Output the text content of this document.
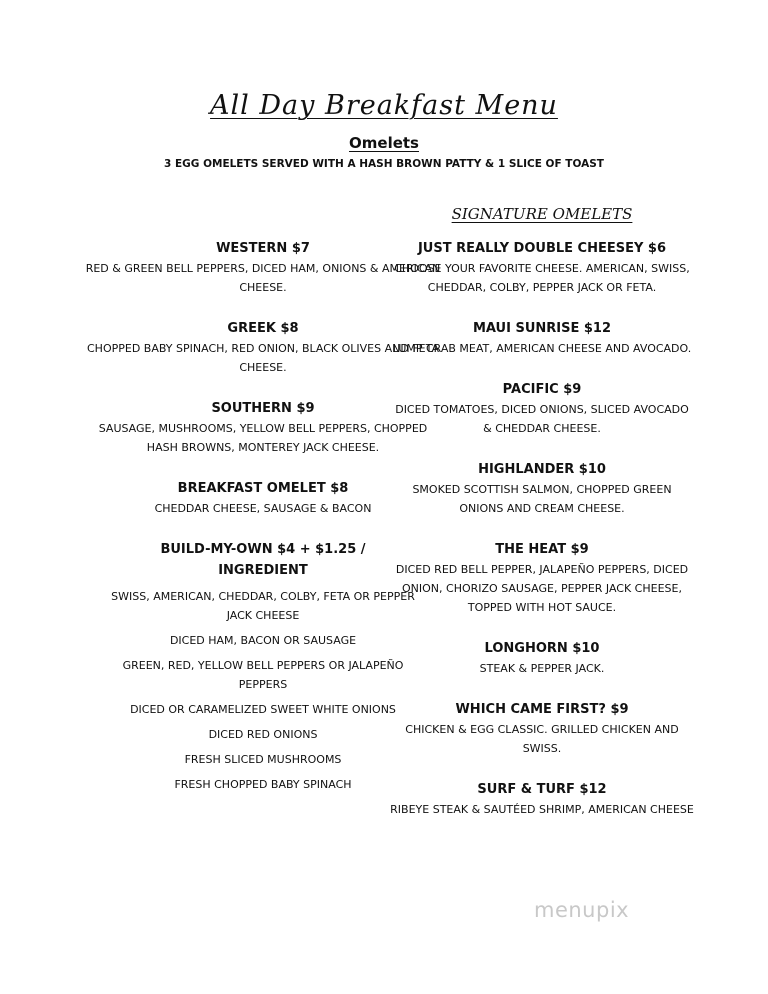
All Day Breakfast Menu
Omelets
3 EGG OMELETS SERVED WITH A HASH BROWN PATTY & 1 SLICE OF TOAST
SIGNATURE OMELETS
WESTERN $7
RED & GREEN BELL PEPPERS, DICED HAM, ONIONS & AMERICAN CHEESE.
GREEK $8
CHOPPED BABY SPINACH, RED ONION, BLACK OLIVES AND FETA CHEESE.
SOUTHERN $9
SAUSAGE, MUSHROOMS, YELLOW BELL PEPPERS, CHOPPED HASH BROWNS, MONTEREY JACK CHEESE.
BREAKFAST OMELET $8
CHEDDAR CHEESE, SAUSAGE & BACON
BUILD-MY-OWN $4 + $1.25 / INGREDIENT
SWISS, AMERICAN, CHEDDAR, COLBY, FETA OR PEPPER JACK CHEESE
DICED HAM, BACON OR SAUSAGE
GREEN, RED, YELLOW BELL PEPPERS OR JALAPEÑO PEPPERS
DICED OR CARAMELIZED SWEET WHITE ONIONS
DICED RED ONIONS
FRESH SLICED MUSHROOMS
FRESH CHOPPED BABY SPINACH
JUST REALLY DOUBLE CHEESEY $6
CHOOSE YOUR FAVORITE CHEESE. AMERICAN, SWISS, CHEDDAR, COLBY, PEPPER JACK OR FETA.
MAUI SUNRISE $12
LUMP CRAB MEAT, AMERICAN CHEESE AND AVOCADO.
PACIFIC $9
DICED TOMATOES, DICED ONIONS, SLICED AVOCADO & CHEDDAR CHEESE.
HIGHLANDER $10
SMOKED SCOTTISH SALMON, CHOPPED GREEN ONIONS AND CREAM CHEESE.
THE HEAT $9
DICED RED BELL PEPPER, JALAPEÑO PEPPERS, DICED ONION, CHORIZO SAUSAGE, PEPPER JACK CHEESE, TOPPED WITH HOT SAUCE.
LONGHORN $10
STEAK & PEPPER JACK.
WHICH CAME FIRST? $9
CHICKEN & EGG CLASSIC. GRILLED CHICKEN AND SWISS.
SURF & TURF $12
RIBEYE STEAK & SAUTÉED SHRIMP, AMERICAN CHEESE
menupix
